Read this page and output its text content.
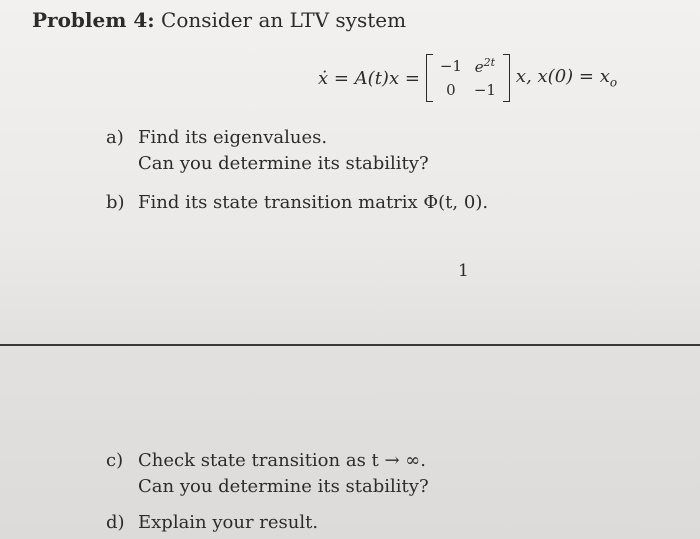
Problem 4: Consider an LTV system
ẋ = A(t)x =
−1 $e^{2t}$
0 −1
x, $x(0) = x_o$
a) Find its eigenvalues.
Can you determine its stability?
b) Find its state transition matrix Φ(t, 0).
1
c) Check state transition as t → ∞.
Can you determine its stability?
d) Explain your result.
